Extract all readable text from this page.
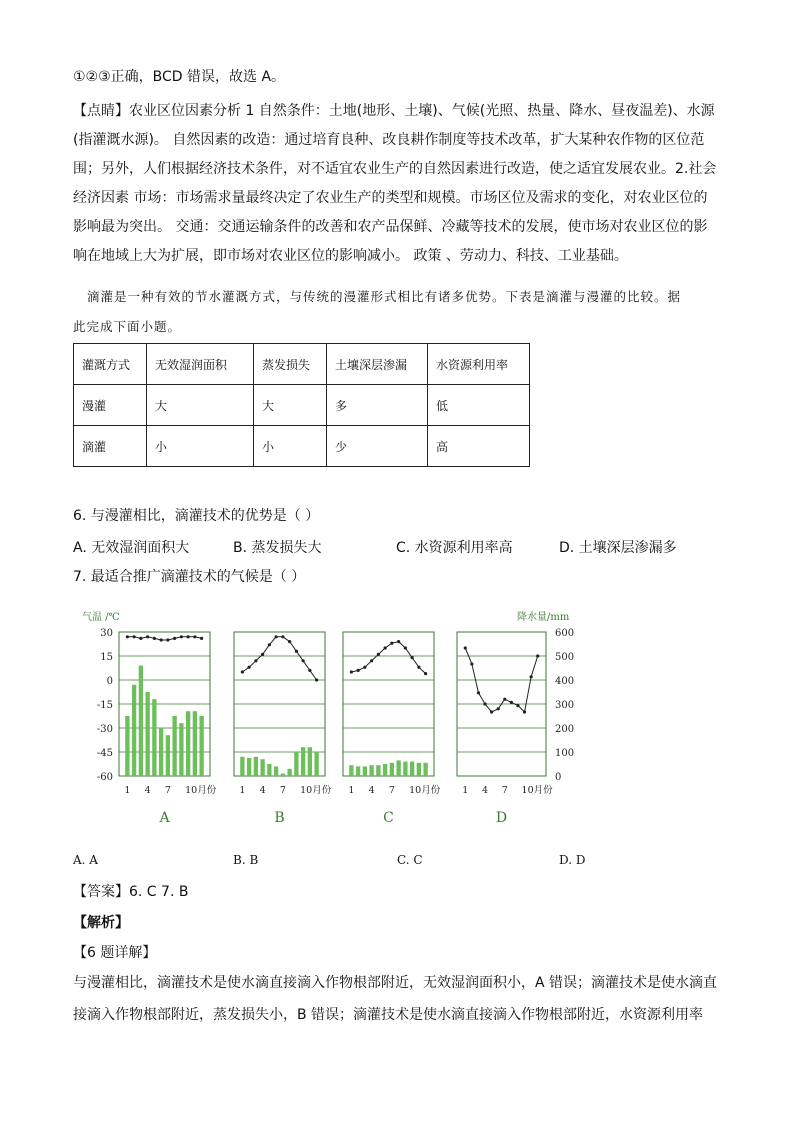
①②③正确，BCD 错误，故选 A。

【点睛】农业区位因素分析 1 自然条件：土地(地形、土壤)、气候(光照、热量、降水、昼夜温差)、水源

(指灌溉水源)。 自然因素的改造：通过培育良种、改良耕作制度等技术改革，扩大某种农作物的区位范

围；另外，人们根据经济技术条件，对不适宜农业生产的自然因素进行改造，使之适宜发展农业。2.社会

经济因素 市场：市场需求量最终决定了农业生产的类型和规模。市场区位及需求的变化，对农业区位的

影响最为突出。 交通：交通运输条件的改善和农产品保鲜、冷藏等技术的发展，使市场对农业区位的影

响在地域上大为扩展，即市场对农业区位的影响减小。 政策 、劳动力、科技、工业基础。

滴灌是一种有效的节水灌溉方式，与传统的漫灌形式相比有诸多优势。下表是滴灌与漫灌的比较。据

此完成下面小题。

灌溉方式	无效湿润面积	蒸发损失	土壤深层渗漏	水资源利用率
漫灌	大	大	多	低
滴灌	小	小	少	高

6. 与漫灌相比，滴灌技术的优势是（ ）

A. 无效湿润面积大	B. 蒸发损失大	C. 水资源利用率高	D. 土壤深层渗漏多

7. 最适合推广滴灌技术的气候是（ ）

气温 /℃	降水量/mm
30
15
0
-15
-30
-45
-60
600
500
400
300
200
100
0
1 4 7 10月份
A
1 4 7 10月份
B
1 4 7 10月份
C
1 4 7 10月份
D
A. A	B. B	C. C	D. D

【答案】6. C 7. B

【解析】

【6 题详解】

与漫灌相比，滴灌技术是使水滴直接滴入作物根部附近，无效湿润面积小，A 错误；滴灌技术是使水滴直

接滴入作物根部附近，蒸发损失小，B 错误；滴灌技术是使水滴直接滴入作物根部附近，水资源利用率
